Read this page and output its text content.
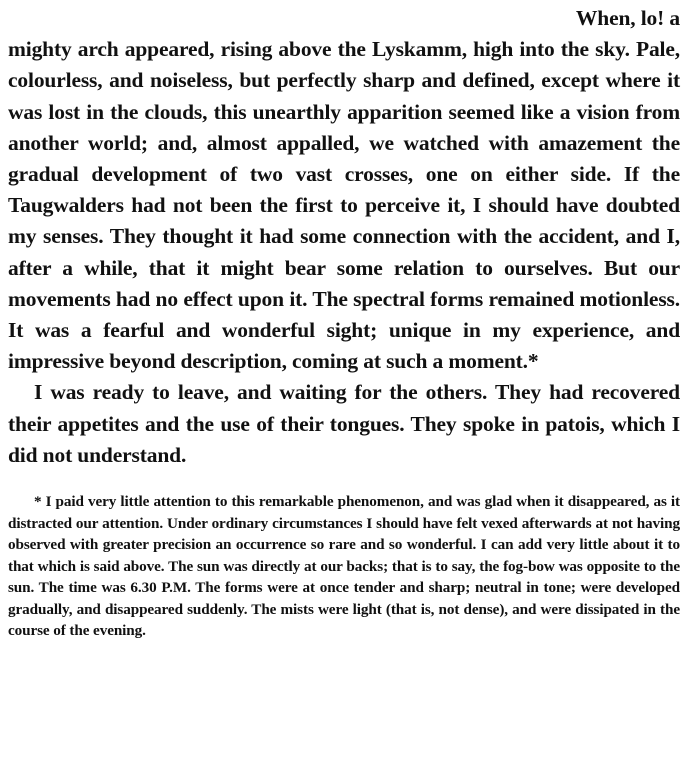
When, lo! a
mighty arch appeared, rising above the Lyskamm, high into the sky. Pale, colourless, and noiseless, but perfectly sharp and defined, except where it was lost in the clouds, this unearthly apparition seemed like a vision from another world; and, almost appalled, we watched with amazement the gradual development of two vast crosses, one on either side. If the Taugwalders had not been the first to perceive it, I should have doubted my senses. They thought it had some connection with the accident, and I, after a while, that it might bear some relation to ourselves. But our movements had no effect upon it. The spectral forms remained motionless. It was a fearful and wonderful sight; unique in my experience, and impressive beyond description, coming at such a moment.*

I was ready to leave, and waiting for the others. They had recovered their appetites and the use of their tongues. They spoke in patois, which I did not understand.

* I paid very little attention to this remarkable phenomenon, and was glad when it disappeared, as it distracted our attention. Under ordinary circumstances I should have felt vexed afterwards at not having observed with greater precision an occurrence so rare and so wonderful. I can add very little about it to that which is said above. The sun was directly at our backs; that is to say, the fog-bow was opposite to the sun. The time was 6.30 P.M. The forms were at once tender and sharp; neutral in tone; were developed gradually, and disappeared suddenly. The mists were light (that is, not dense), and were dissipated in the course of the evening.
